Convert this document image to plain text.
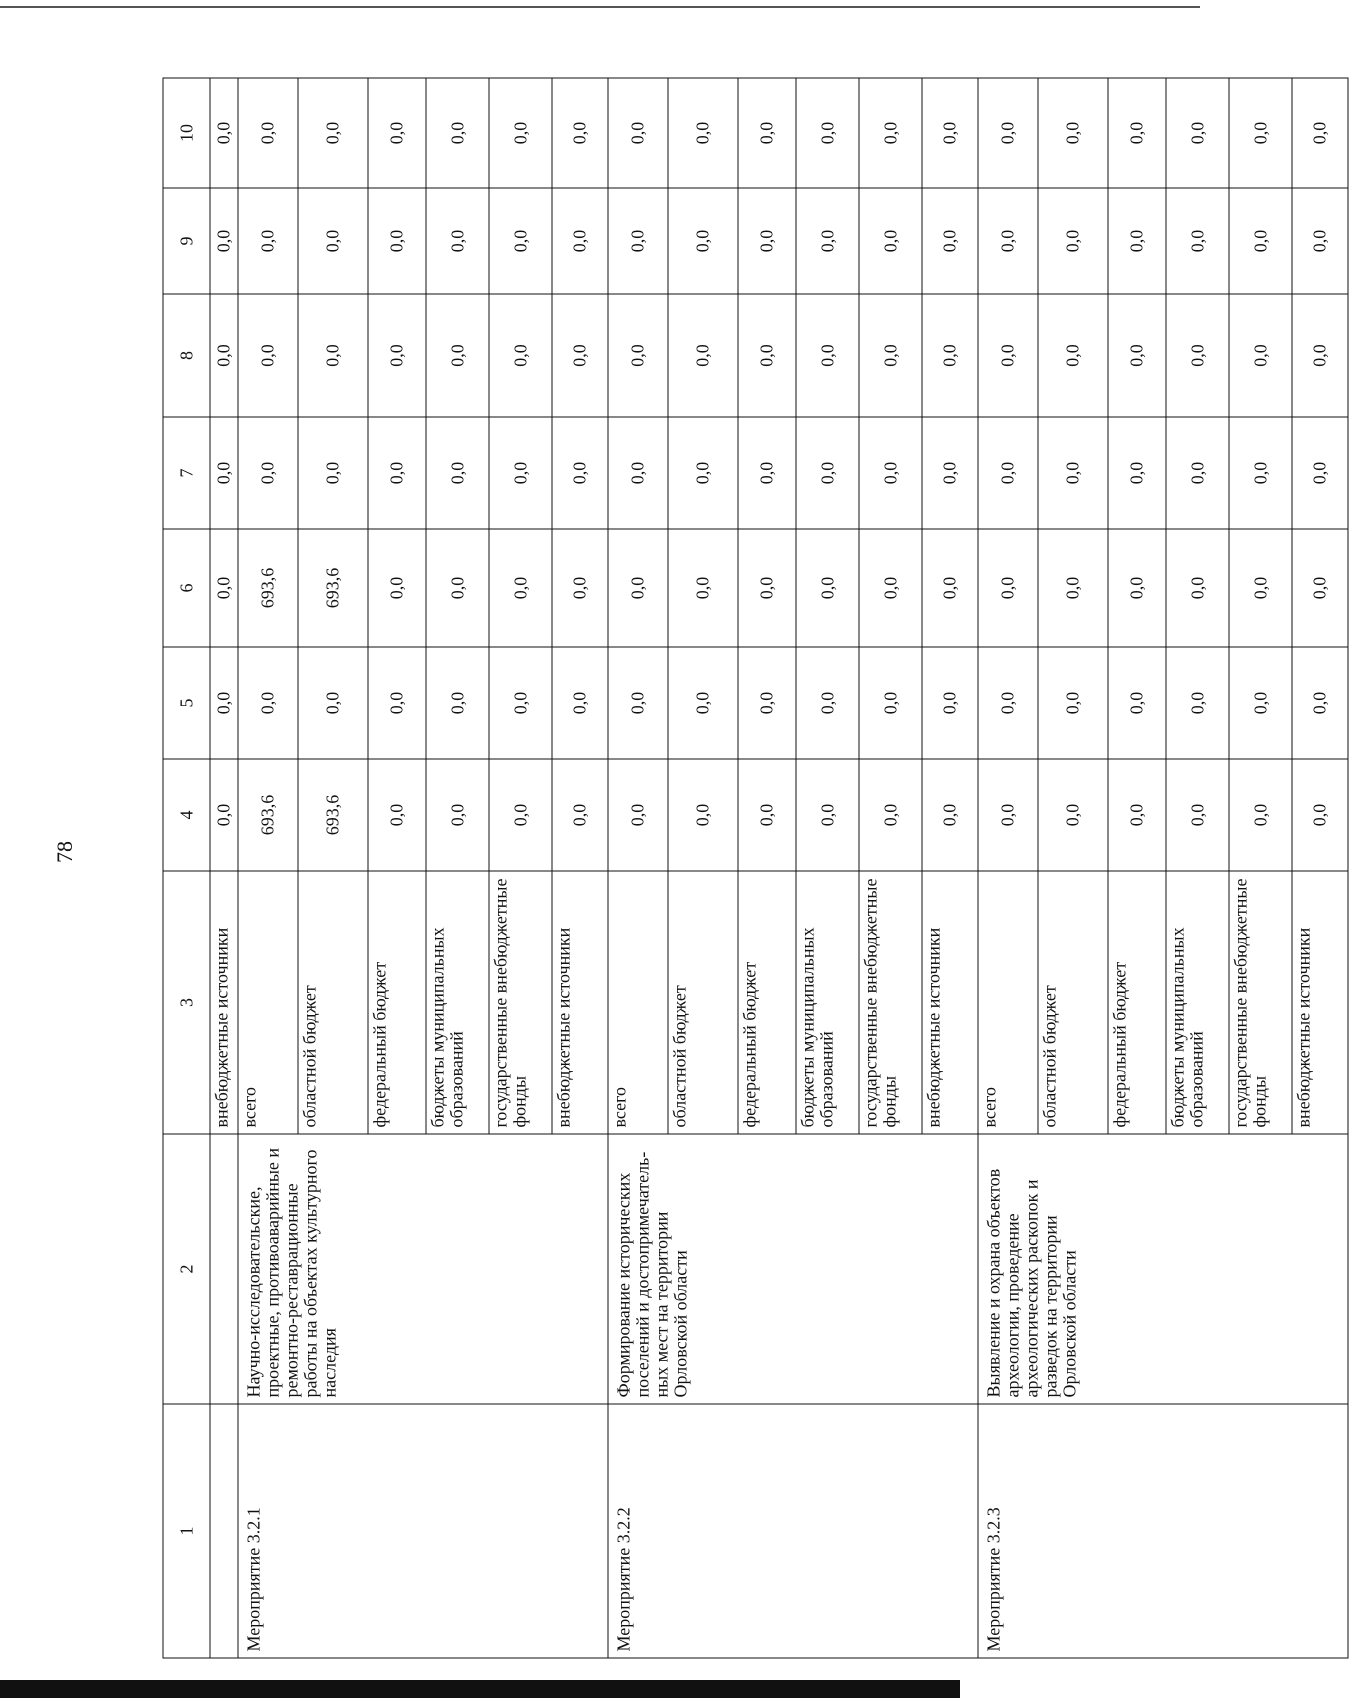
78
1	2	3	4	5	6	7	8	9	10
		внебюджетные источники	0,0	0,0	0,0	0,0	0,0	0,0	0,0
Мероприятие 3.2.1	Научно-исследовательские, проектные, противоаварийные и ремонтно-реставрационные работы на объектах культурного наследия	всего	693,6	0,0	693,6	0,0	0,0	0,0	0,0
		областной бюджет	693,6	0,0	693,6	0,0	0,0	0,0	0,0
		федеральный бюджет	0,0	0,0	0,0	0,0	0,0	0,0	0,0
		бюджеты муниципальных образований	0,0	0,0	0,0	0,0	0,0	0,0	0,0
		государственные внебюджетные фонды	0,0	0,0	0,0	0,0	0,0	0,0	0,0
		внебюджетные источники	0,0	0,0	0,0	0,0	0,0	0,0	0,0
Мероприятие 3.2.2	Формирование исторических поселений и достопримечатель-ных мест на территории Орловской области	всего	0,0	0,0	0,0	0,0	0,0	0,0	0,0
		областной бюджет	0,0	0,0	0,0	0,0	0,0	0,0	0,0
		федеральный бюджет	0,0	0,0	0,0	0,0	0,0	0,0	0,0
		бюджеты муниципальных образований	0,0	0,0	0,0	0,0	0,0	0,0	0,0
		государственные внебюджетные фонды	0,0	0,0	0,0	0,0	0,0	0,0	0,0
		внебюджетные источники	0,0	0,0	0,0	0,0	0,0	0,0	0,0
Мероприятие 3.2.3	Выявление и охрана объектов археологии, проведение археологических раскопок и разведок на территории Орловской области	всего	0,0	0,0	0,0	0,0	0,0	0,0	0,0
		областной бюджет	0,0	0,0	0,0	0,0	0,0	0,0	0,0
		федеральный бюджет	0,0	0,0	0,0	0,0	0,0	0,0	0,0
		бюджеты муниципальных образований	0,0	0,0	0,0	0,0	0,0	0,0	0,0
		государственные внебюджетные фонды	0,0	0,0	0,0	0,0	0,0	0,0	0,0
		внебюджетные источники	0,0	0,0	0,0	0,0	0,0	0,0	0,0
